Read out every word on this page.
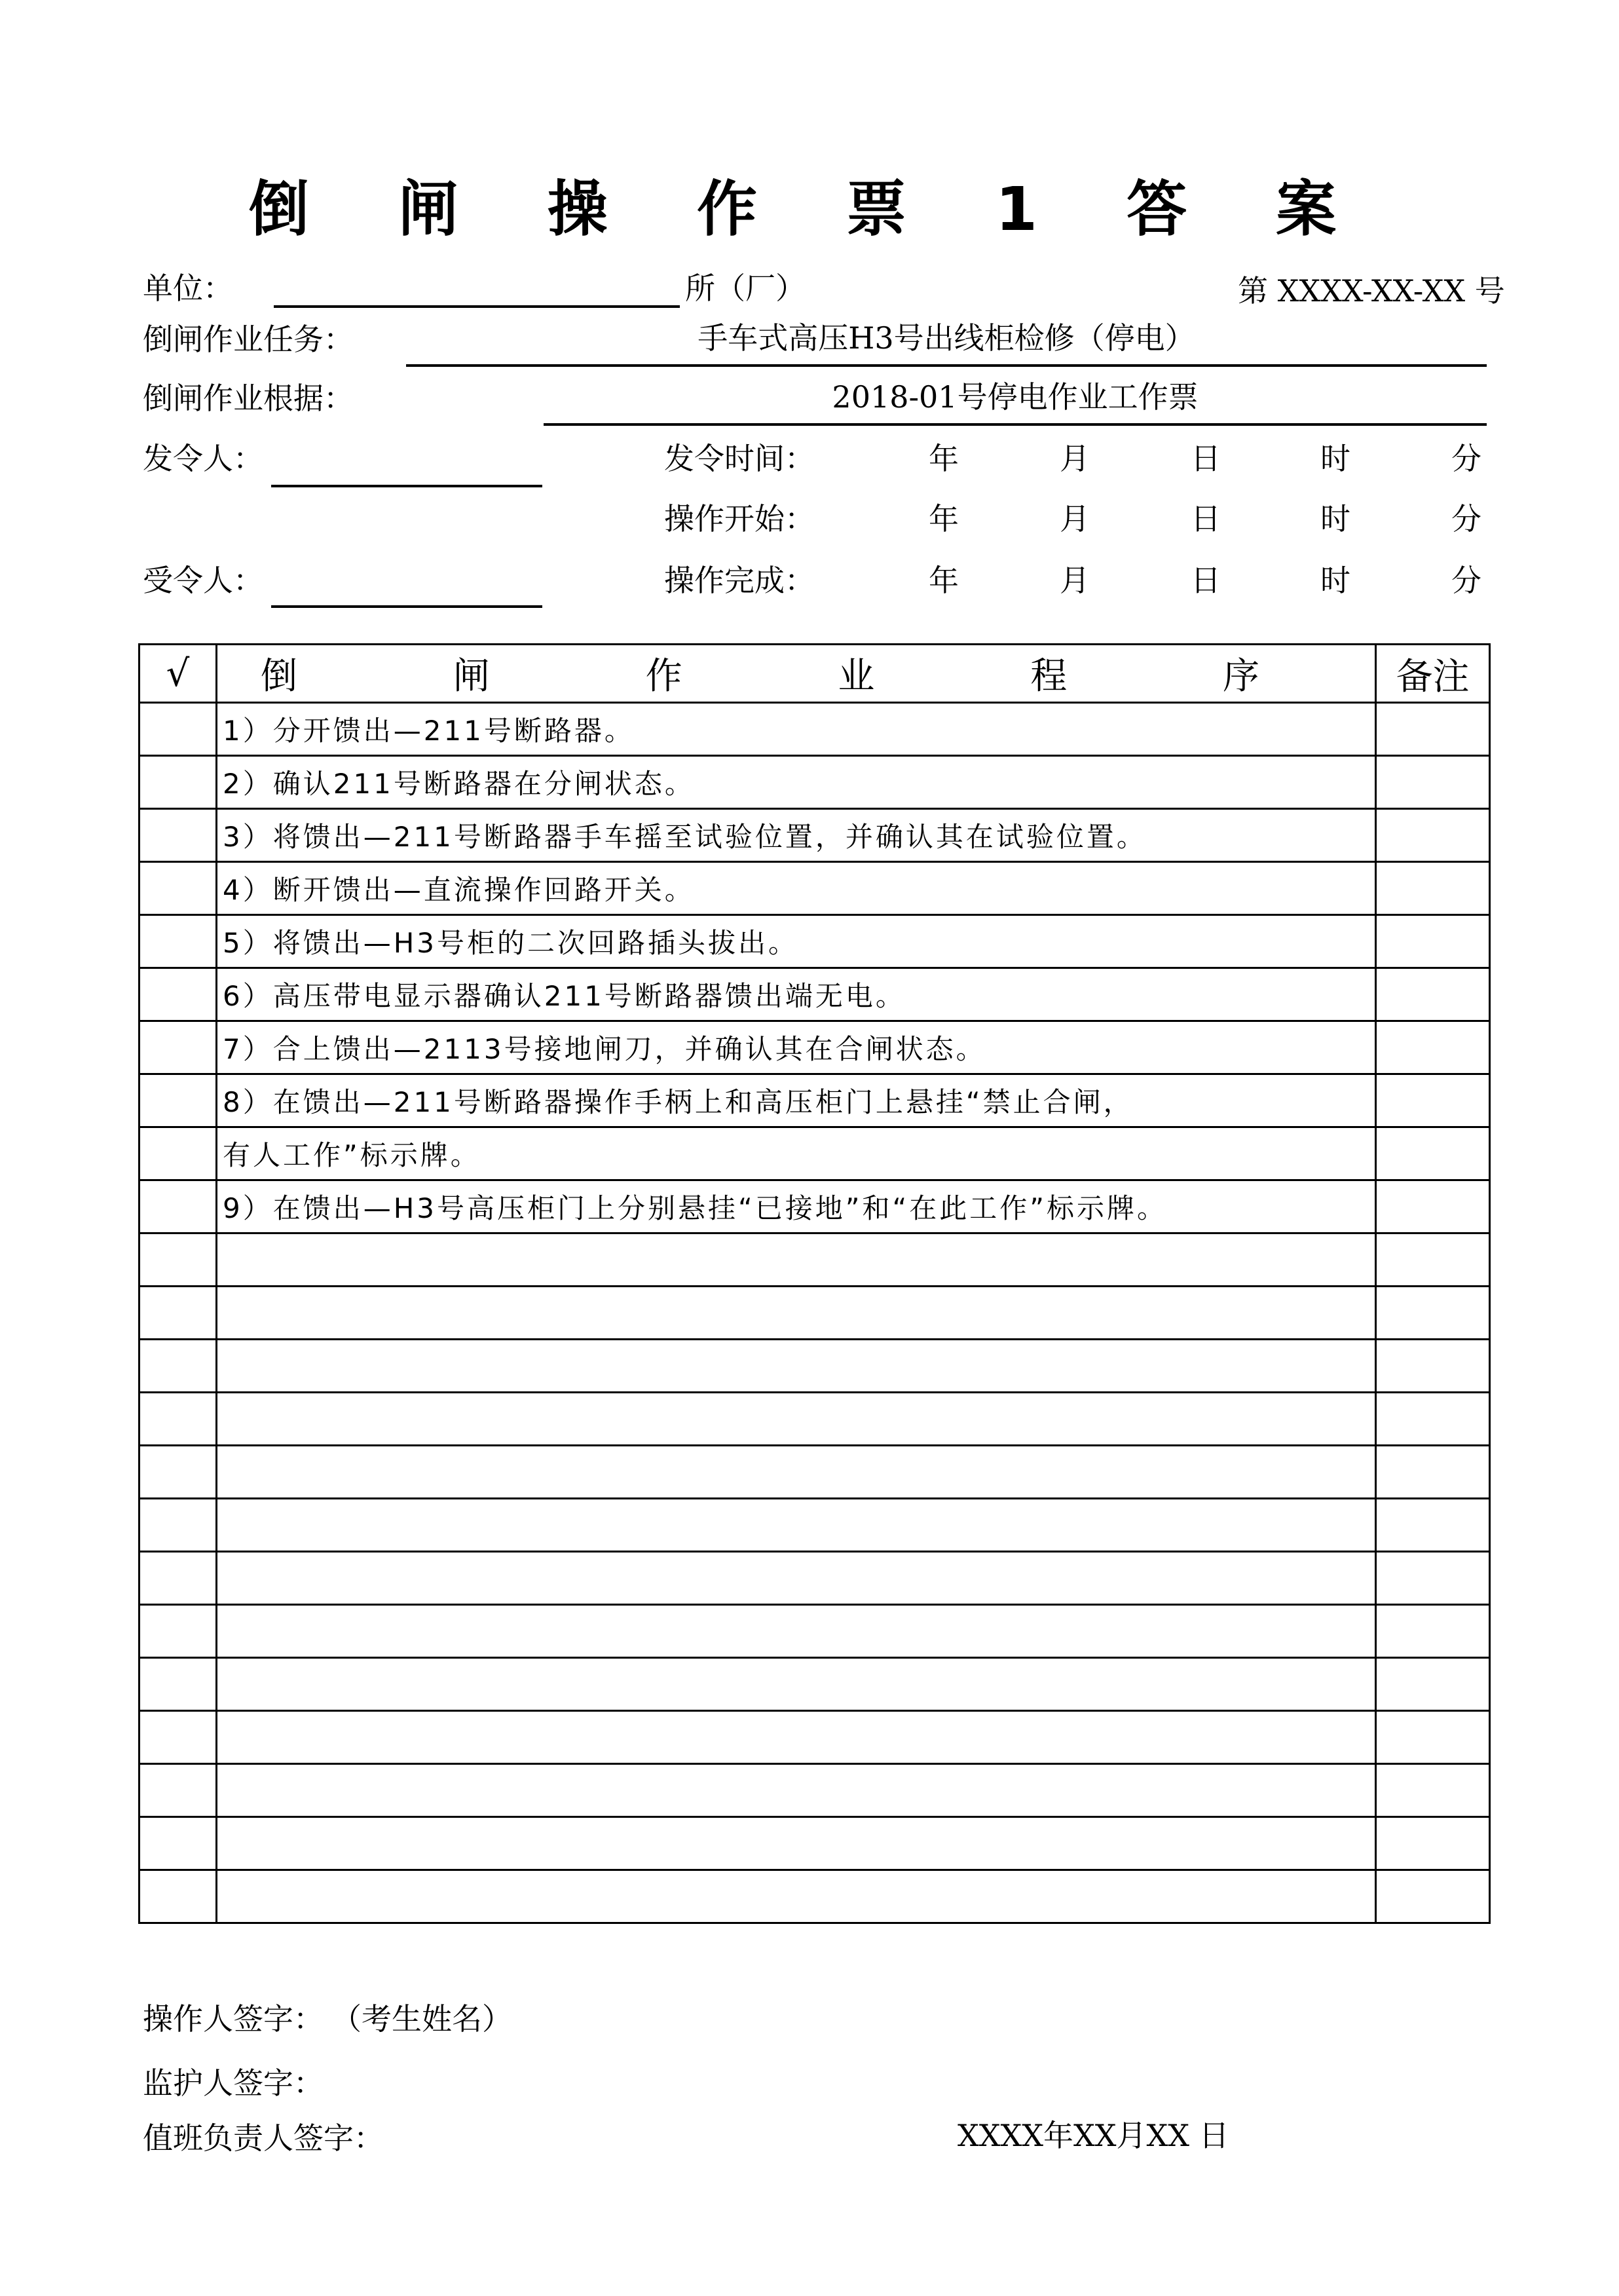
倒 闸 操 作 票 1 答 案
单位：	所（厂）	第 XXXX-XX-XX 号
倒闸作业任务：	手车式高压H3号出线柜检修（停电）
倒闸作业根据：	2018-01号停电作业工作票
发令人：
受令人：
发令时间：	年	月	日	时	分
操作开始：	年	月	日	时	分
操作完成：	年	月	日	时	分
√	倒 闸 作 业 程 序	备注
	1）分开馈出—211号断路器。	
	2）确认211号断路器在分闸状态。	
	3）将馈出—211号断路器手车摇至试验位置，并确认其在试验位置。	
	4）断开馈出—直流操作回路开关。	
	5）将馈出—H3号柜的二次回路插头拔出。	
	6）高压带电显示器确认211号断路器馈出端无电。	
	7）合上馈出—2113号接地闸刀，并确认其在合闸状态。	
	8）在馈出—211号断路器操作手柄上和高压柜门上悬挂“禁止合闸，	
	有人工作”标示牌。	
	9）在馈出—H3号高压柜门上分别悬挂“已接地”和“在此工作”标示牌。	

操作人签字： （考生姓名）
监护人签字：
值班负责人签字：	XXXX年XX月XX 日
